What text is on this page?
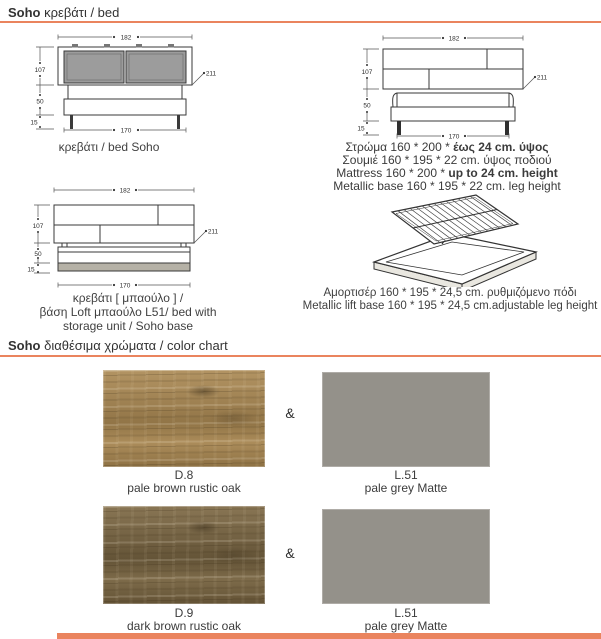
Soho κρεβάτι / bed
182
170
107
50
15
211
κρεβάτι / bed Soho
182
170
107
50
15
211
Στρώμα 160 * 200 * έως 24 cm. ύψος
Σουμιέ 160 * 195 * 22 cm. ύψος ποδιού
Mattress 160 * 200 * up to 24 cm. height
Metallic base 160 * 195 * 22 cm. leg height
182
170
107
50
15
211
κρεβάτι [ μπαούλο ] /
βάση Loft μπαούλο L51/ bed with
storage unit / Soho base
Αμορτισέρ 160 * 195 * 24,5 cm. ρυθμιζόμενο πόδι
Metallic lift base 160 * 195 * 24,5 cm.adjustable leg height
Soho διαθέσιμα χρώματα / color chart
&
D.8
pale brown rustic oak
L.51
pale grey Matte
&
D.9
dark brown rustic oak
L.51
pale grey Matte
